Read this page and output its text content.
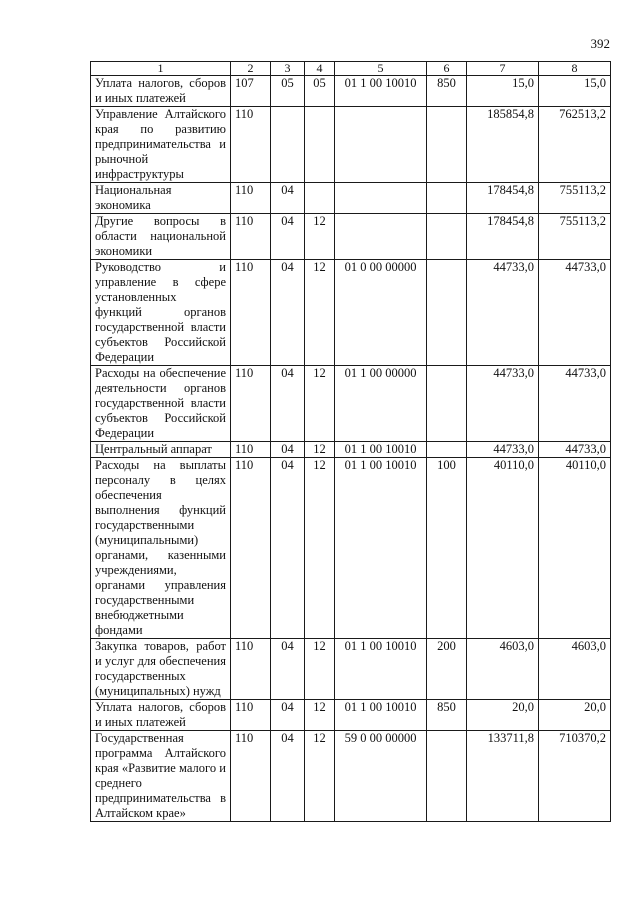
392
1	2	3	4	5	6	7	8
Уплата налогов, сборов и иных платежей	107	05	05	01 1 00 10010	850	15,0	15,0
Управление Алтайского края по развитию предпринимательства и рыночной инфраструктуры	110					185854,8	762513,2
Национальная экономика	110	04				178454,8	755113,2
Другие вопросы в области национальной экономики	110	04	12			178454,8	755113,2
Руководство и управление в сфере установленных функций органов государственной власти субъектов Российской Федерации	110	04	12	01 0 00 00000		44733,0	44733,0
Расходы на обеспечение деятельности органов государственной власти субъектов Российской Федерации	110	04	12	01 1 00 00000		44733,0	44733,0
Центральный аппарат	110	04	12	01 1 00 10010		44733,0	44733,0
Расходы на выплаты персоналу в целях обеспечения выполнения функций государственными (муниципальными) органами, казенными учреждениями, органами управления государственными внебюджетными фондами	110	04	12	01 1 00 10010	100	40110,0	40110,0
Закупка товаров, работ и услуг для обеспечения государственных (муниципальных) нужд	110	04	12	01 1 00 10010	200	4603,0	4603,0
Уплата налогов, сборов и иных платежей	110	04	12	01 1 00 10010	850	20,0	20,0
Государственная программа Алтайского края «Развитие малого и среднего предпринимательства в Алтайском крае»	110	04	12	59 0 00 00000		133711,8	710370,2
